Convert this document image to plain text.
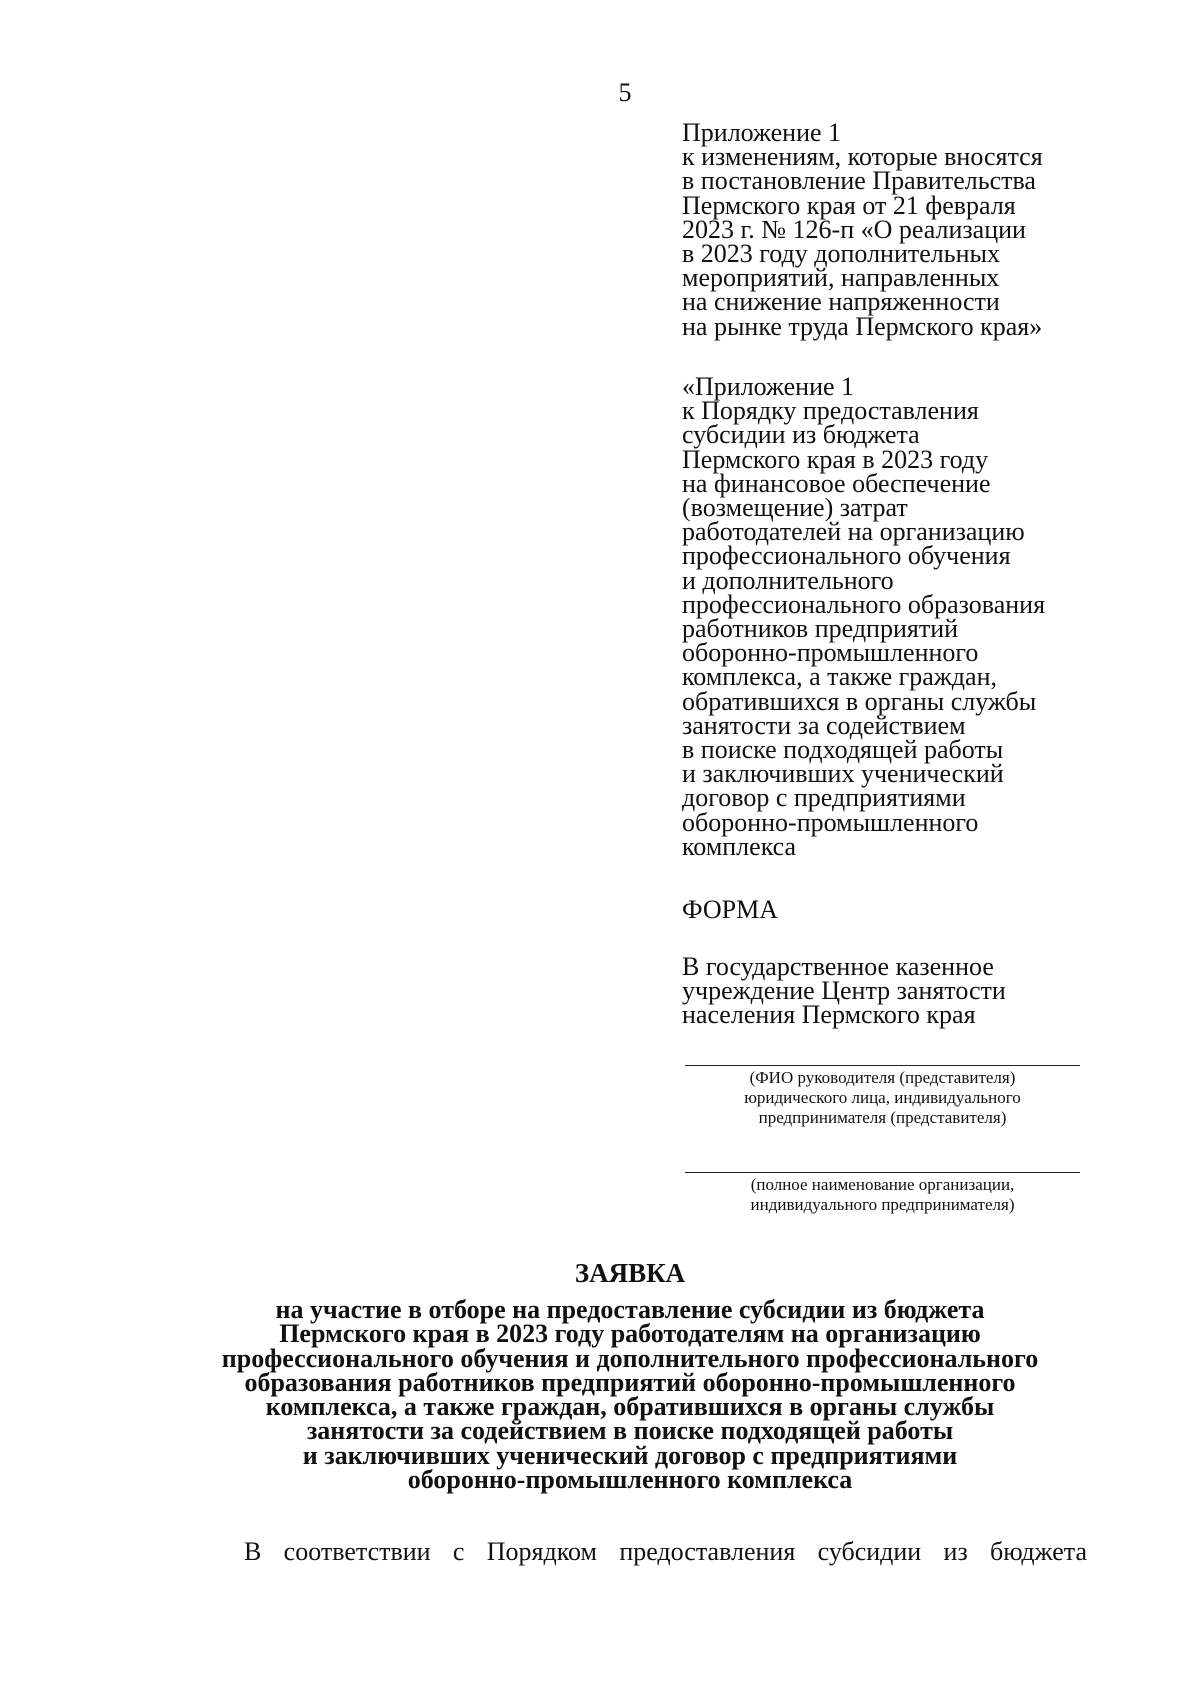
5
Приложение 1
к изменениям, которые вносятся
в постановление Правительства
Пермского края от 21 февраля
2023 г. № 126-п «О реализации
в 2023 году дополнительных
мероприятий, направленных
на снижение напряженности
на рынке труда Пермского края»
«Приложение 1
к Порядку предоставления
субсидии из бюджета
Пермского края в 2023 году
на финансовое обеспечение
(возмещение) затрат
работодателей на организацию
профессионального обучения
и дополнительного
профессионального образования
работников предприятий
оборонно-промышленного
комплекса, а также граждан,
обратившихся в органы службы
занятости за содействием
в поиске подходящей работы
и заключивших ученический
договор с предприятиями
оборонно-промышленного
комплекса
ФОРМА
В государственное казенное
учреждение Центр занятости
населения Пермского края
(ФИО руководителя (представителя)
юридического лица, индивидуального
предпринимателя (представителя)
(полное наименование организации,
индивидуального предпринимателя)
ЗАЯВКА
на участие в отборе на предоставление субсидии из бюджета
Пермского края в 2023 году работодателям на организацию
профессионального обучения и дополнительного профессионального
образования работников предприятий оборонно-промышленного
комплекса, а также граждан, обратившихся в органы службы
занятости за содействием в поиске подходящей работы
и заключивших ученический договор с предприятиями
оборонно-промышленного комплекса
В соответствии с Порядком предоставления субсидии из бюджета
